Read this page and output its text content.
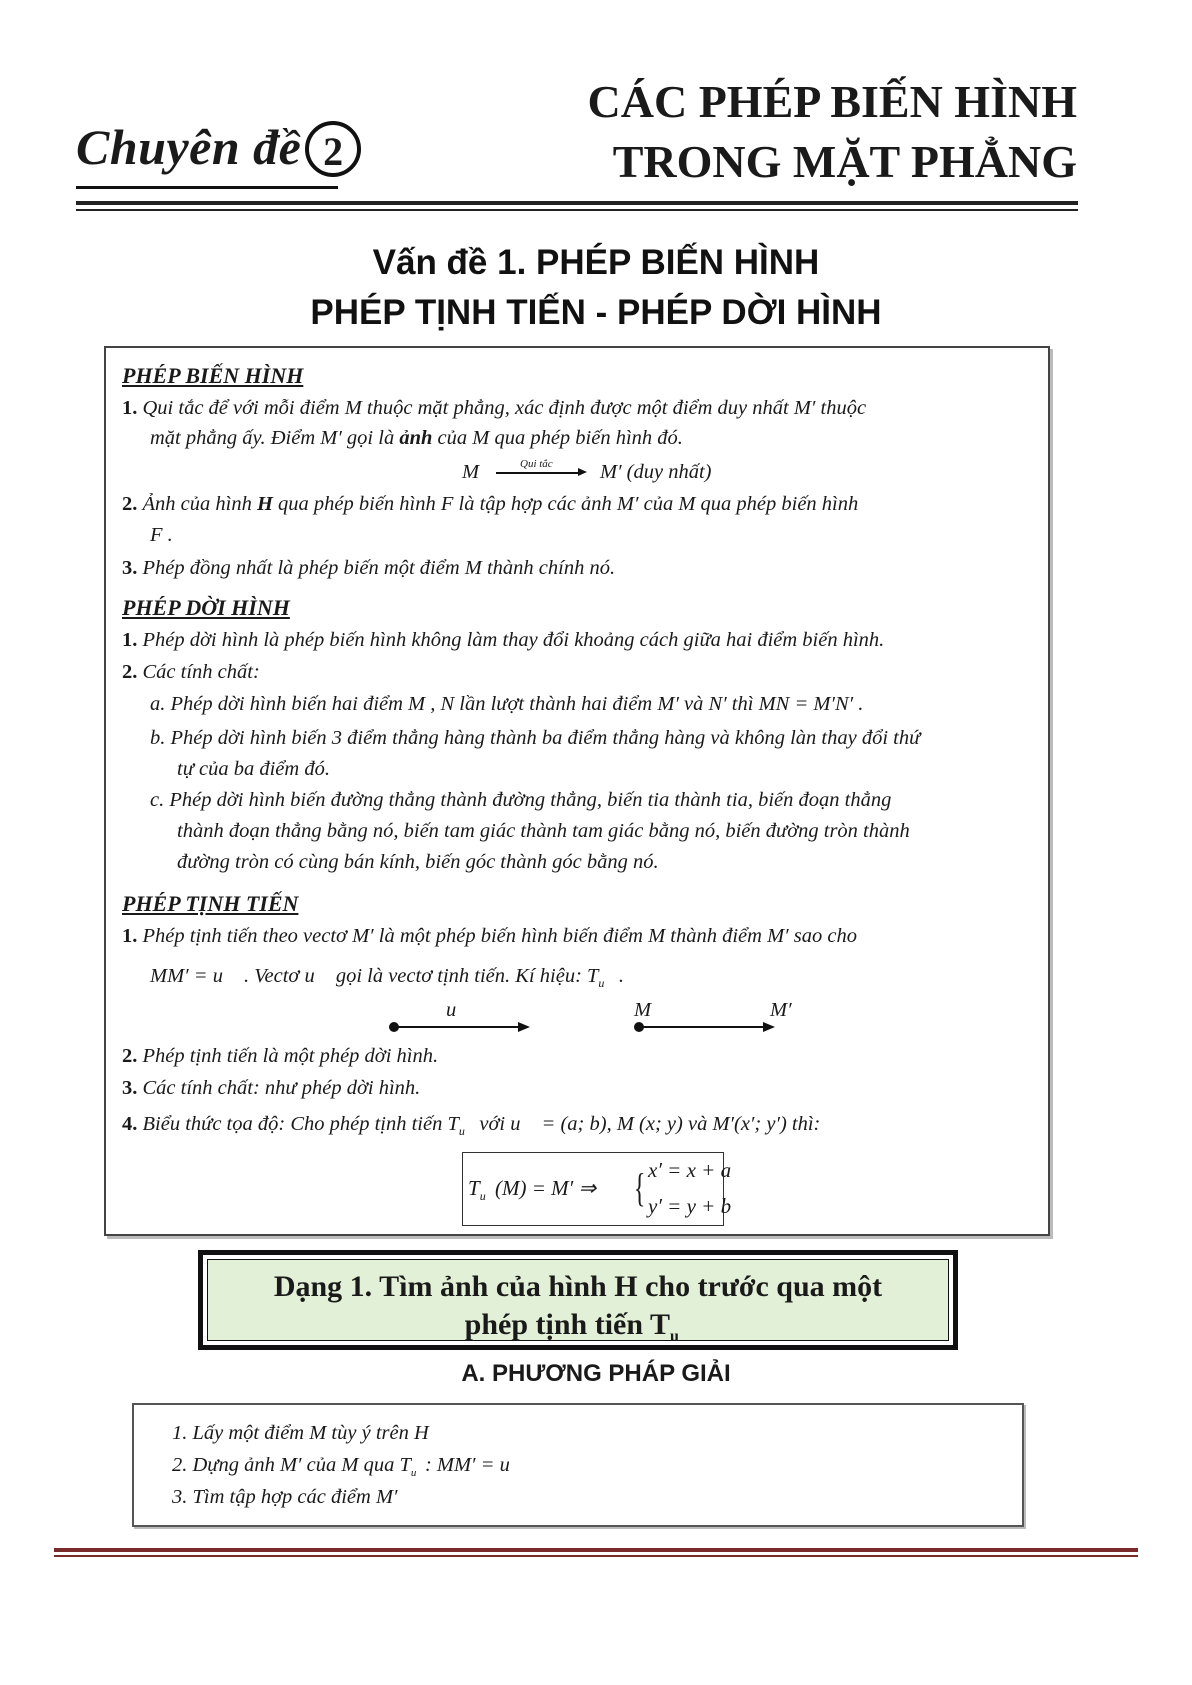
Chuyên đề 2
CÁC PHÉP BIẾN HÌNH
TRONG MẶT PHẲNG
Vấn đề 1. PHÉP BIẾN HÌNH
PHÉP TỊNH TIẾN - PHÉP DỜI HÌNH
PHÉP BIẾN HÌNH
1. Qui tắc để với mỗi điểm M thuộc mặt phẳng, xác định được một điểm duy nhất M′ thuộc
mặt phẳng ấy. Điểm M′ gọi là ảnh của M qua phép biến hình đó.
M	Qui tắc M′ (duy nhất)
2. Ảnh của hình H qua phép biến hình F là tập hợp các ảnh M′ của M qua phép biến hình
F .
3. Phép đồng nhất là phép biến một điểm M thành chính nó.
PHÉP DỜI HÌNH
1. Phép dời hình là phép biến hình không làm thay đổi khoảng cách giữa hai điểm biến hình.
2. Các tính chất:
a. Phép dời hình biến hai điểm M , N lần lượt thành hai điểm M′ và N′ thì MN = M′N′ .
b. Phép dời hình biến 3 điểm thẳng hàng thành ba điểm thẳng hàng và không làn thay đổi thứ
tự của ba điểm đó.
c. Phép dời hình biến đường thẳng thành đường thẳng, biến tia thành tia, biến đoạn thẳng
thành đoạn thẳng bằng nó, biến tam giác thành tam giác bằng nó, biến đường tròn thành
đường tròn có cùng bán kính, biến góc thành góc bằng nó.
PHÉP TỊNH TIẾN
1. Phép tịnh tiến theo vectơ M′ là một phép biến hình biến điểm M thành điểm M′ sao cho
MM′ = u⃗ . Vectơ u⃗ gọi là vectơ tịnh tiến. Kí hiệu: $T_{u⃗}$ .
u⃗	M	M′
2. Phép tịnh tiến là một phép dời hình.
3. Các tính chất: như phép dời hình.
4. Biểu thức tọa độ: Cho phép tịnh tiến $T_{u⃗}$ với u⃗ = (a; b), M (x; y) và M′(x′; y′) thì:
$T_{u⃗}(M) = M'$ ⇒ { x′ = x + a
y′ = y + b
Dạng 1. Tìm ảnh của hình H cho trước qua một
phép tịnh tiến $T_{u⃗}$
A. PHƯƠNG PHÁP GIẢI
1. Lấy một điểm M tùy ý trên H
2. Dựng ảnh M′ của M qua $T_{u⃗}$: MM′ = u⃗
3. Tìm tập hợp các điểm M′
